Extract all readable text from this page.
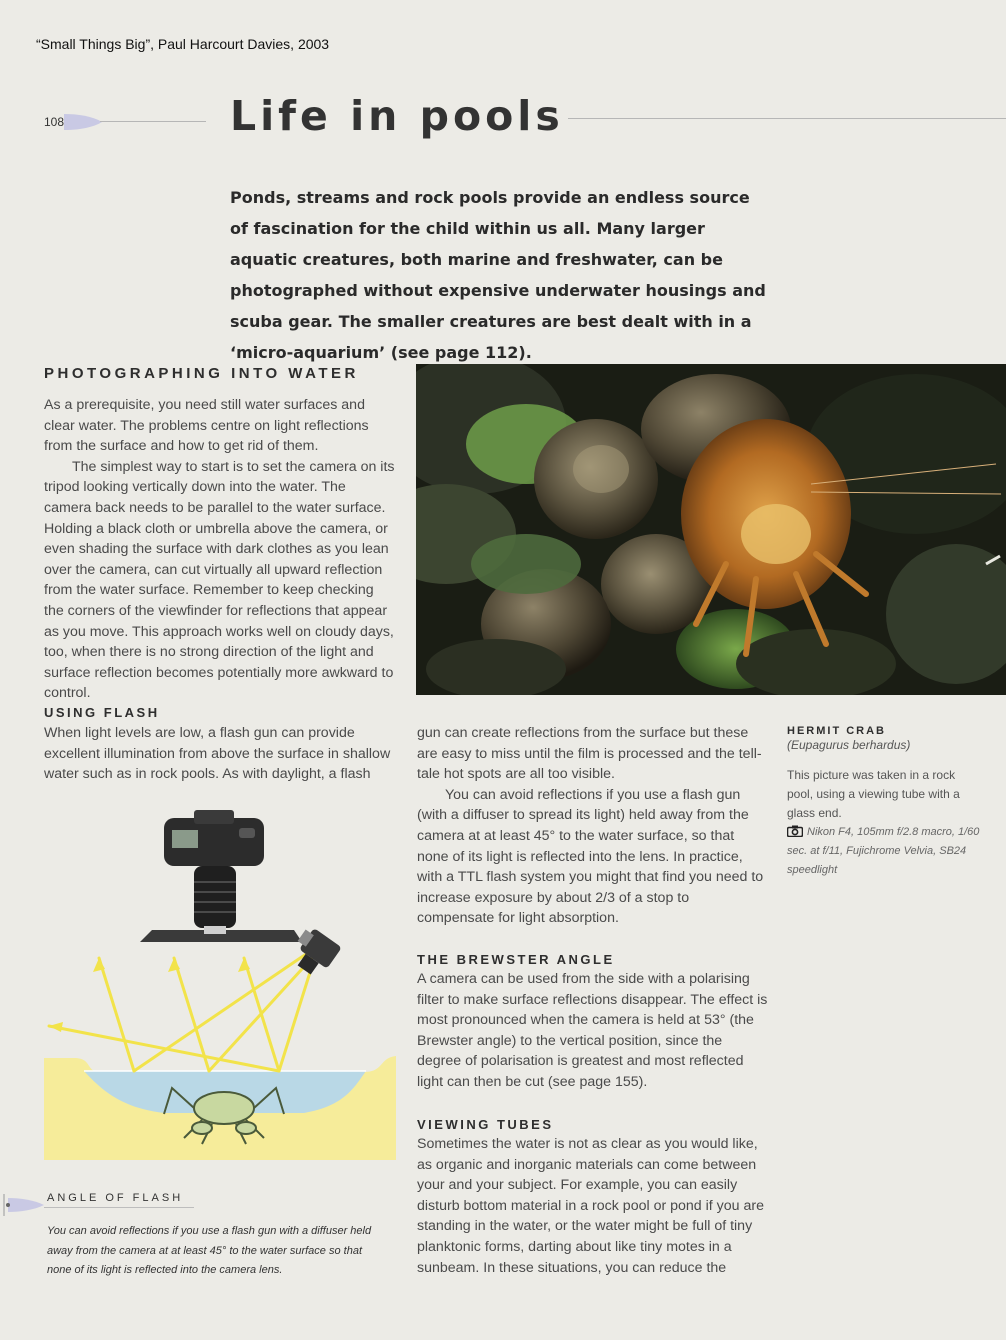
“Small Things Big”, Paul Harcourt Davies, 2003
108	Life in pools
Ponds, streams and rock pools provide an endless source of fascination for the child within us all. Many larger aquatic creatures, both marine and freshwater, can be photographed without expensive underwater housings and scuba gear. The smaller creatures are best dealt with in a ‘micro-aquarium’ (see page 112).
PHOTOGRAPHING INTO WATER

As a prerequisite, you need still water surfaces and clear water. The problems centre on light reflections from the surface and how to get rid of them.

The simplest way to start is to set the camera on its tripod looking vertically down into the water. The camera back needs to be parallel to the water surface. Holding a black cloth or umbrella above the camera, or even shading the surface with dark clothes as you lean over the camera, can cut virtually all upward reflection from the water surface. Remember to keep checking the corners of the viewfinder for reflections that appear as you move. This approach works well on cloudy days, too, when there is no strong direction of the light and surface reflection becomes potentially more awkward to control.

HERMIT CRAB
(Eupagurus berhardus)
This picture was taken in a rock pool, using a viewing tube with a glass end.
Nikon F4, 105mm f/2.8 macro, 1/60 sec. at f/11, Fujichrome Velvia, SB24 speedlight
USING FLASH
When light levels are low, a flash gun can provide excellent illumination from above the surface in shallow water such as in rock pools. As with daylight, a flash

gun can create reflections from the surface but these are easy to miss until the film is processed and the tell-tale hot spots are all too visible.

You can avoid reflections if you use a flash gun (with a diffuser to spread its light) held away from the camera at at least 45° to the water surface, so that none of its light is reflected into the lens. In practice, with a TTL flash system you might that find you need to increase exposure by about 2/3 of a stop to compensate for light absorption.

THE BREWSTER ANGLE
A camera can be used from the side with a polarising filter to make surface reflections disappear. The effect is most pronounced when the camera is held at 53° (the Brewster angle) to the vertical position, since the degree of polarisation is greatest and most reflected light can then be cut (see page 155).
VIEWING TUBES
Sometimes the water is not as clear as you would like, as organic and inorganic materials can come between your and your subject. For example, you can easily disturb bottom material in a rock pool or pond if you are standing in the water, or the water might be full of tiny planktonic forms, darting about like tiny motes in a sunbeam. In these situations, you can reduce the
ANGLE OF FLASH
You can avoid reflections if you use a flash gun with a diffuser held away from the camera at at least 45° to the water surface so that none of its light is reflected into the camera lens.
